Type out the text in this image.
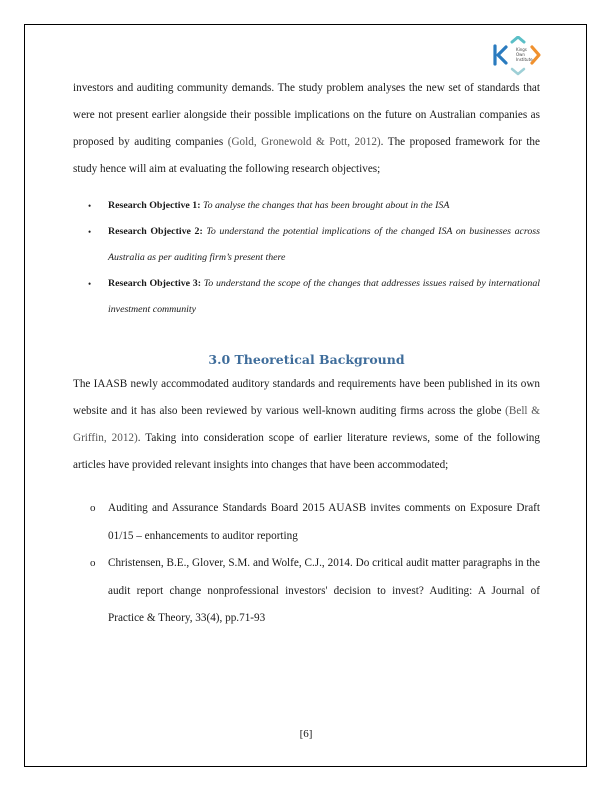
Kings
Own
Institute

investors and auditing community demands. The study problem analyses the new set of standards that were not present earlier alongside their possible implications on the future on Australian companies as proposed by auditing companies (Gold, Gronewold & Pott, 2012). The proposed framework for the study hence will aim at evaluating the following research objectives;

• Research Objective 1: To analyse the changes that has been brought about in the ISA
• Research Objective 2: To understand the potential implications of the changed ISA on businesses across Australia as per auditing firm’s present there
• Research Objective 3: To understand the scope of the changes that addresses issues raised by international investment community
3.0 Theoretical Background

The IAASB newly accommodated auditory standards and requirements have been published in its own website and it has also been reviewed by various well-known auditing firms across the globe (Bell & Griffin, 2012). Taking into consideration scope of earlier literature reviews, some of the following articles have provided relevant insights into changes that have been accommodated;

o Auditing and Assurance Standards Board 2015 AUASB invites comments on Exposure Draft 01/15 – enhancements to auditor reporting
o Christensen, B.E., Glover, S.M. and Wolfe, C.J., 2014. Do critical audit matter paragraphs in the audit report change nonprofessional investors' decision to invest? Auditing: A Journal of Practice & Theory, 33(4), pp.71-93
[6]
